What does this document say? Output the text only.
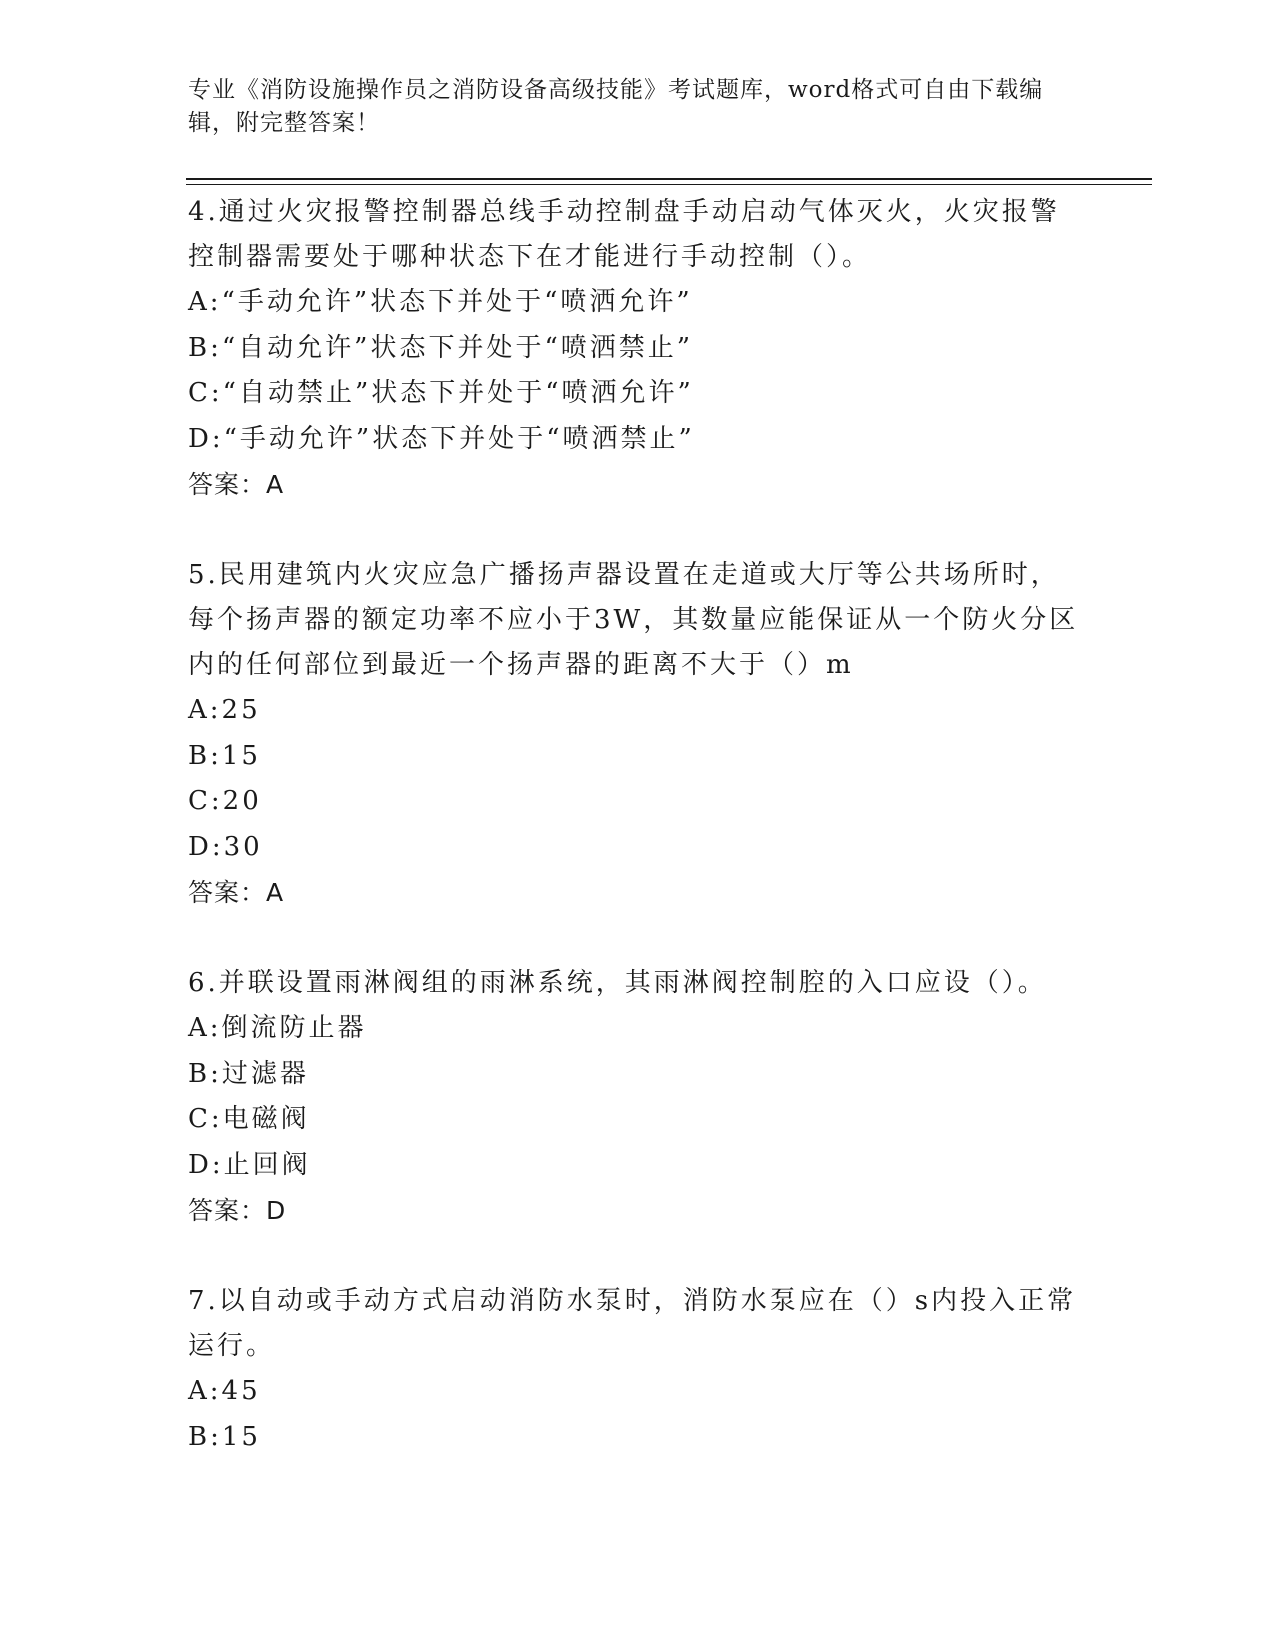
专业《消防设施操作员之消防设备高级技能》考试题库，word格式可自由下载编辑，附完整答案！
4.通过火灾报警控制器总线手动控制盘手动启动气体灭火，火灾报警控制器需要处于哪种状态下在才能进行手动控制（）。
A:“手动允许”状态下并处于“喷洒允许”
B:“自动允许”状态下并处于“喷洒禁止”
C:“自动禁止”状态下并处于“喷洒允许”
D:“手动允许”状态下并处于“喷洒禁止”
答案：A
5.民用建筑内火灾应急广播扬声器设置在走道或大厅等公共场所时，每个扬声器的额定功率不应小于3W，其数量应能保证从一个防火分区内的任何部位到最近一个扬声器的距离不大于（）m
A:25
B:15
C:20
D:30
答案：A
6.并联设置雨淋阀组的雨淋系统，其雨淋阀控制腔的入口应设（）。
A:倒流防止器
B:过滤器
C:电磁阀
D:止回阀
答案：D
7.以自动或手动方式启动消防水泵时，消防水泵应在（）s内投入正常运行。
A:45
B:15
